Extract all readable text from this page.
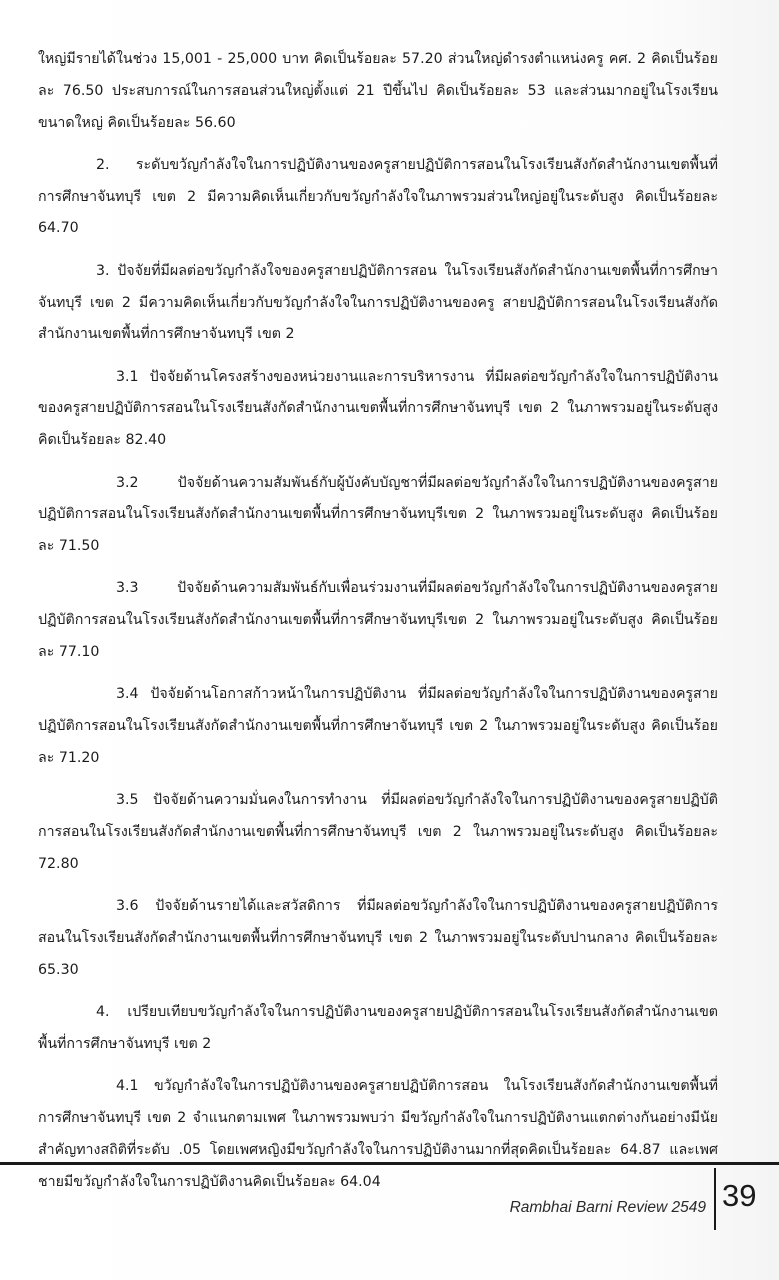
ใหญ่มีรายได้ในช่วง 15,001 - 25,000 บาท คิดเป็นร้อยละ 57.20 ส่วนใหญ่ดำรงตำแหน่งครู คศ. 2 คิดเป็นร้อยละ 76.50 ประสบการณ์ในการสอนส่วนใหญ่ตั้งแต่ 21 ปีขึ้นไป คิดเป็นร้อยละ 53 และส่วนมากอยู่ในโรงเรียนขนาดใหญ่ คิดเป็นร้อยละ 56.60

2. ระดับขวัญกำลังใจในการปฏิบัติงานของครูสายปฏิบัติการสอนในโรงเรียนสังกัดสำนักงานเขตพื้นที่การศึกษาจันทบุรี เขต 2 มีความคิดเห็นเกี่ยวกับขวัญกำลังใจในภาพรวมส่วนใหญ่อยู่ในระดับสูง คิดเป็นร้อยละ 64.70

3. ปัจจัยที่มีผลต่อขวัญกำลังใจของครูสายปฏิบัติการสอน ในโรงเรียนสังกัดสำนักงานเขตพื้นที่การศึกษาจันทบุรี เขต 2 มีความคิดเห็นเกี่ยวกับขวัญกำลังใจในการปฏิบัติงานของครู สายปฏิบัติการสอนในโรงเรียนสังกัดสำนักงานเขตพื้นที่การศึกษาจันทบุรี เขต 2

3.1 ปัจจัยด้านโครงสร้างของหน่วยงานและการบริหารงาน ที่มีผลต่อขวัญกำลังใจในการปฏิบัติงานของครูสายปฏิบัติการสอนในโรงเรียนสังกัดสำนักงานเขตพื้นที่การศึกษาจันทบุรี เขต 2 ในภาพรวมอยู่ในระดับสูง คิดเป็นร้อยละ 82.40

3.2 ปัจจัยด้านความสัมพันธ์กับผู้บังคับบัญชาที่มีผลต่อขวัญกำลังใจในการปฏิบัติงานของครูสายปฏิบัติการสอนในโรงเรียนสังกัดสำนักงานเขตพื้นที่การศึกษาจันทบุรีเขต 2 ในภาพรวมอยู่ในระดับสูง คิดเป็นร้อยละ 71.50

3.3 ปัจจัยด้านความสัมพันธ์กับเพื่อนร่วมงานที่มีผลต่อขวัญกำลังใจในการปฏิบัติงานของครูสายปฏิบัติการสอนในโรงเรียนสังกัดสำนักงานเขตพื้นที่การศึกษาจันทบุรีเขต 2 ในภาพรวมอยู่ในระดับสูง คิดเป็นร้อยละ 77.10

3.4 ปัจจัยด้านโอกาสก้าวหน้าในการปฏิบัติงาน ที่มีผลต่อขวัญกำลังใจในการปฏิบัติงานของครูสายปฏิบัติการสอนในโรงเรียนสังกัดสำนักงานเขตพื้นที่การศึกษาจันทบุรี เขต 2 ในภาพรวมอยู่ในระดับสูง คิดเป็นร้อยละ 71.20

3.5 ปัจจัยด้านความมั่นคงในการทำงาน ที่มีผลต่อขวัญกำลังใจในการปฏิบัติงานของครูสายปฏิบัติการสอนในโรงเรียนสังกัดสำนักงานเขตพื้นที่การศึกษาจันทบุรี เขต 2 ในภาพรวมอยู่ในระดับสูง คิดเป็นร้อยละ 72.80

3.6 ปัจจัยด้านรายได้และสวัสดิการ ที่มีผลต่อขวัญกำลังใจในการปฏิบัติงานของครูสายปฏิบัติการสอนในโรงเรียนสังกัดสำนักงานเขตพื้นที่การศึกษาจันทบุรี เขต 2 ในภาพรวมอยู่ในระดับปานกลาง คิดเป็นร้อยละ 65.30

4. เปรียบเทียบขวัญกำลังใจในการปฏิบัติงานของครูสายปฏิบัติการสอนในโรงเรียนสังกัดสำนักงานเขตพื้นที่การศึกษาจันทบุรี เขต 2

4.1 ขวัญกำลังใจในการปฏิบัติงานของครูสายปฏิบัติการสอน ในโรงเรียนสังกัดสำนักงานเขตพื้นที่การศึกษาจันทบุรี เขต 2 จำแนกตามเพศ ในภาพรวมพบว่า มีขวัญกำลังใจในการปฏิบัติงานแตกต่างกันอย่างมีนัยสำคัญทางสถิติที่ระดับ .05 โดยเพศหญิงมีขวัญกำลังใจในการปฏิบัติงานมากที่สุดคิดเป็นร้อยละ 64.87 และเพศชายมีขวัญกำลังใจในการปฏิบัติงานคิดเป็นร้อยละ 64.04

Rambhai Barni Review 2549 39
